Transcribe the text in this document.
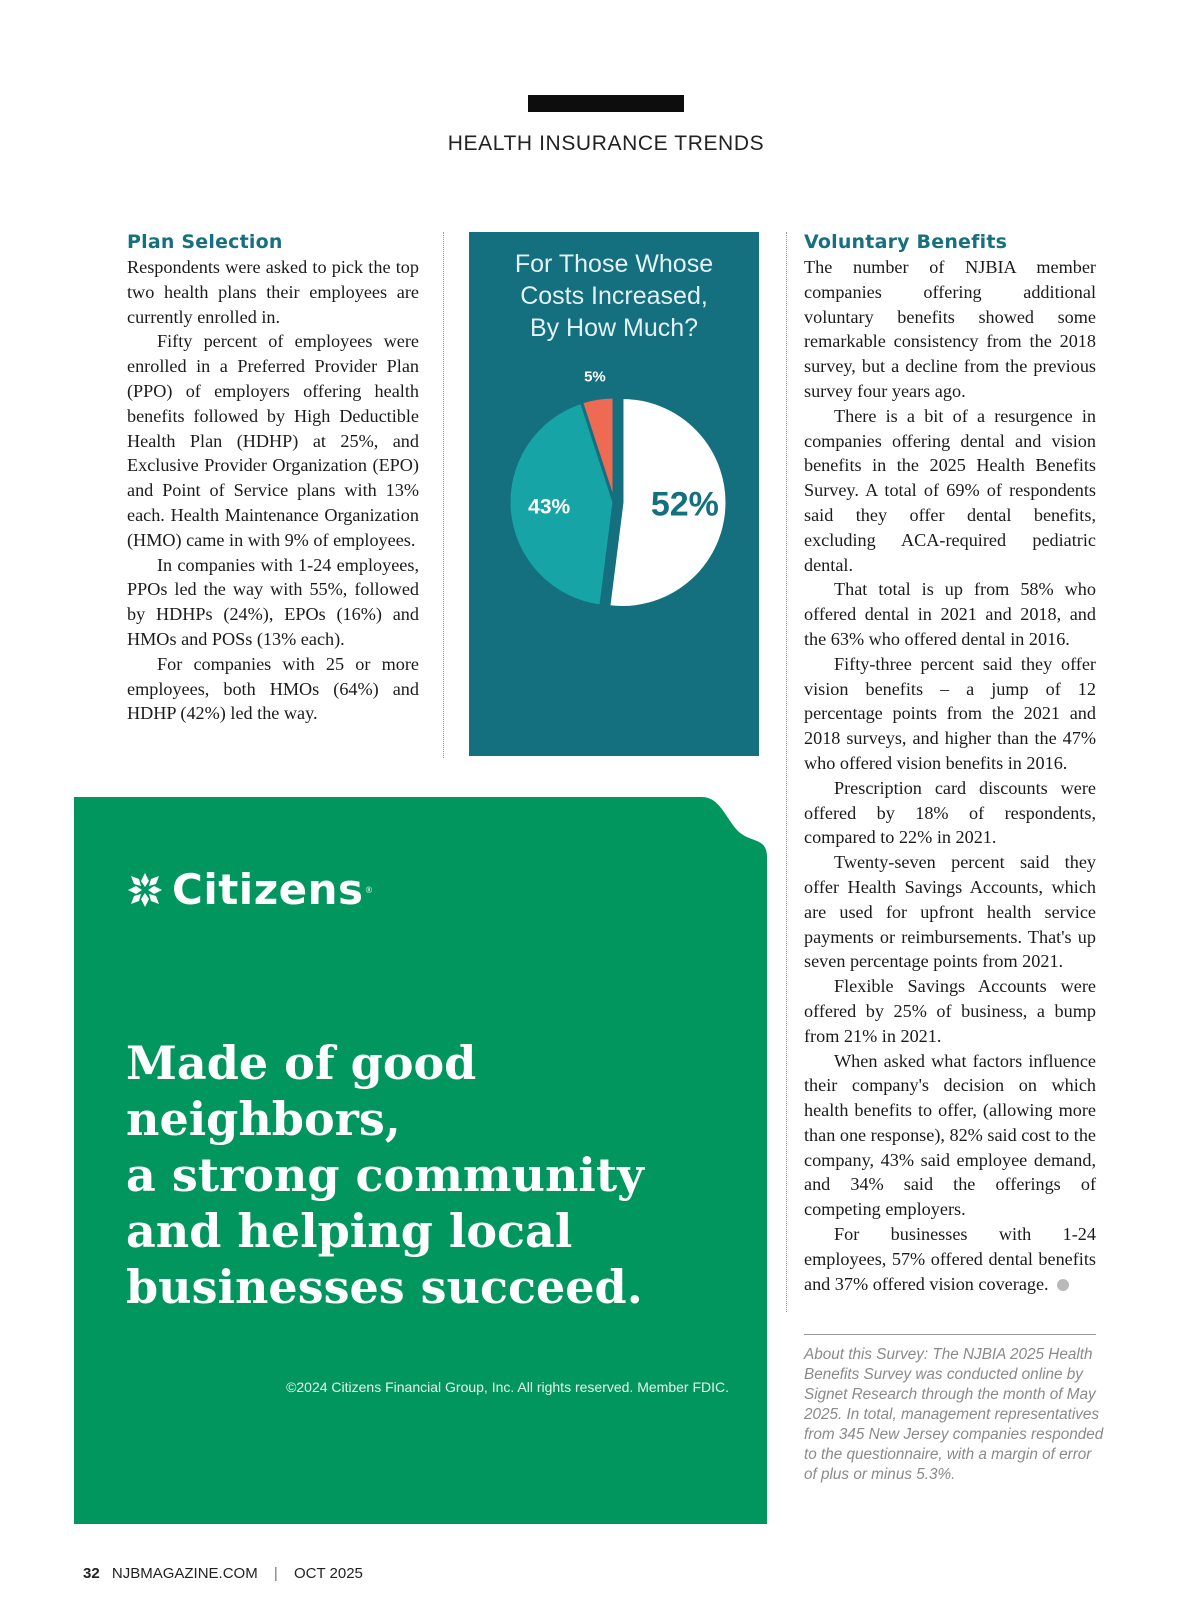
HEALTH INSURANCE TRENDS
Plan Selection

Respondents were asked to pick the top two health plans their employees are currently enrolled in.

Fifty percent of employees were enrolled in a Preferred Provider Plan (PPO) of employers offering health benefits followed by High Deductible Health Plan (HDHP) at 25%, and Exclusive Provider Organization (EPO) and Point of Service plans with 13% each. Health Maintenance Organization (HMO) came in with 9% of employees.

In companies with 1-24 employees, PPOs led the way with 55%, followed by HDHPs (24%), EPOs (16%) and HMOs and POSs (13% each).

For companies with 25 or more employees, both HMOs (64%) and HDHP (42%) led the way.

For Those Whose
Costs Increased,
By How Much?
52%
43%
5%
Voluntary Benefits

The number of NJBIA member companies offering additional voluntary benefits showed some remarkable consistency from the 2018 survey, but a decline from the previous survey four years ago.

There is a bit of a resurgence in companies offering dental and vision benefits in the 2025 Health Benefits Survey. A total of 69% of respondents said they offer dental benefits, excluding ACA-required pediatric dental.

That total is up from 58% who offered dental in 2021 and 2018, and the 63% who offered dental in 2016.

Fifty-three percent said they offer vision benefits – a jump of 12 percentage points from the 2021 and 2018 surveys, and higher than the 47% who offered vision benefits in 2016.

Prescription card discounts were offered by 18% of respondents, compared to 22% in 2021.

Twenty-seven percent said they offer Health Savings Accounts, which are used for upfront health service payments or reimbursements. That's up seven percentage points from 2021.

Flexible Savings Accounts were offered by 25% of business, a bump from 21% in 2021.

When asked what factors influence their company's decision on which health benefits to offer, (allowing more than one response), 82% said cost to the company, 43% said employee demand, and 34% said the offerings of competing employers.

For businesses with 1-24 employees, 57% offered dental benefits and 37% offered vision coverage.

About this Survey: The NJBIA 2025 Health Benefits Survey was conducted online by Signet Research through the month of May 2025. In total, management representatives from 345 New Jersey companies responded to the questionnaire, with a margin of error of plus or minus 5.3%.
Citizens ®
Made of good neighbors,
a strong community
and helping local
businesses succeed.
©2024 Citizens Financial Group, Inc. All rights reserved. Member FDIC.
32 NJBMAGAZINE.COM | OCT 2025
